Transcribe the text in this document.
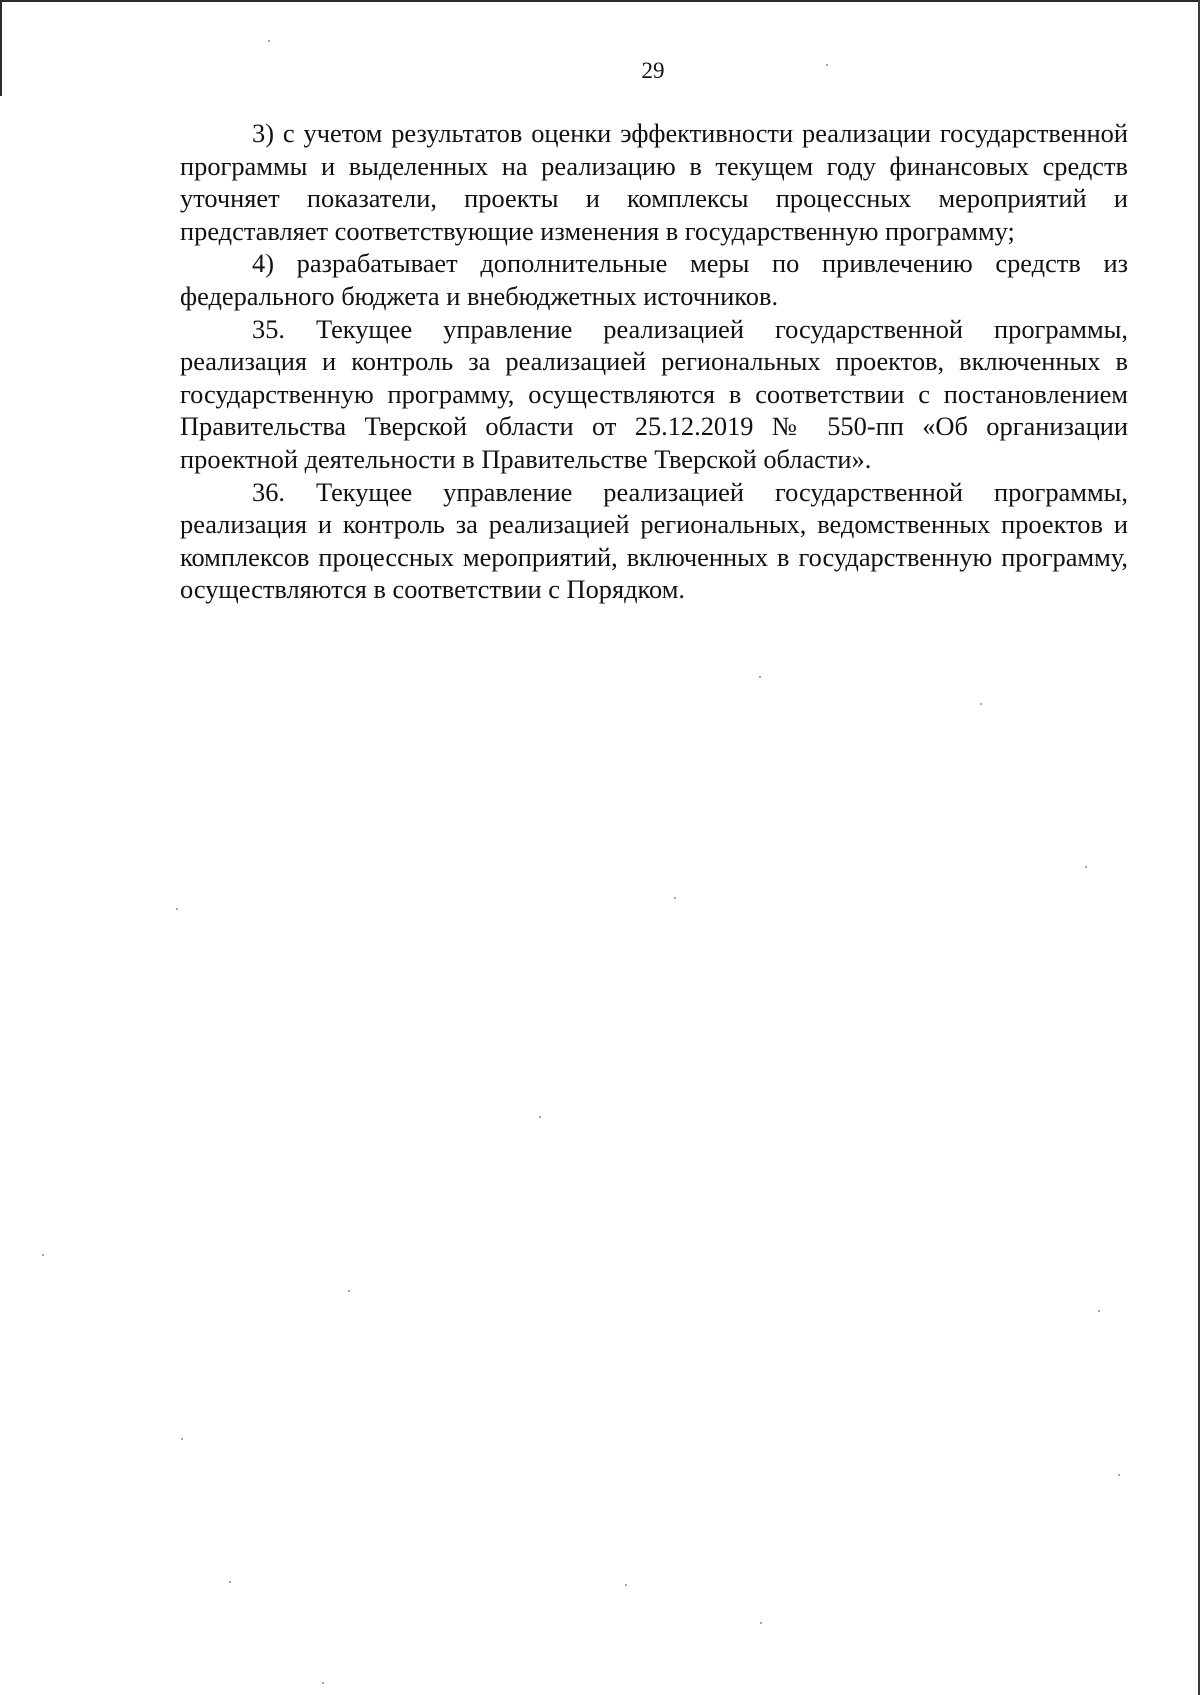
29

3) с учетом результатов оценки эффективности реализации государственной программы и выделенных на реализацию в текущем году финансовых средств уточняет показатели, проекты и комплексы процессных мероприятий и представляет соответствующие изменения в государственную программу;

4) разрабатывает дополнительные меры по привлечению средств из федерального бюджета и внебюджетных источников.

35. Текущее управление реализацией государственной программы, реализация и контроль за реализацией региональных проектов, включенных в государственную программу, осуществляются в соответствии с постановлением Правительства Тверской области от 25.12.2019 № 550-пп «Об организации проектной деятельности в Правительстве Тверской области».

36. Текущее управление реализацией государственной программы, реализация и контроль за реализацией региональных, ведомственных проектов и комплексов процессных мероприятий, включенных в государственную программу, осуществляются в соответствии с Порядком.
